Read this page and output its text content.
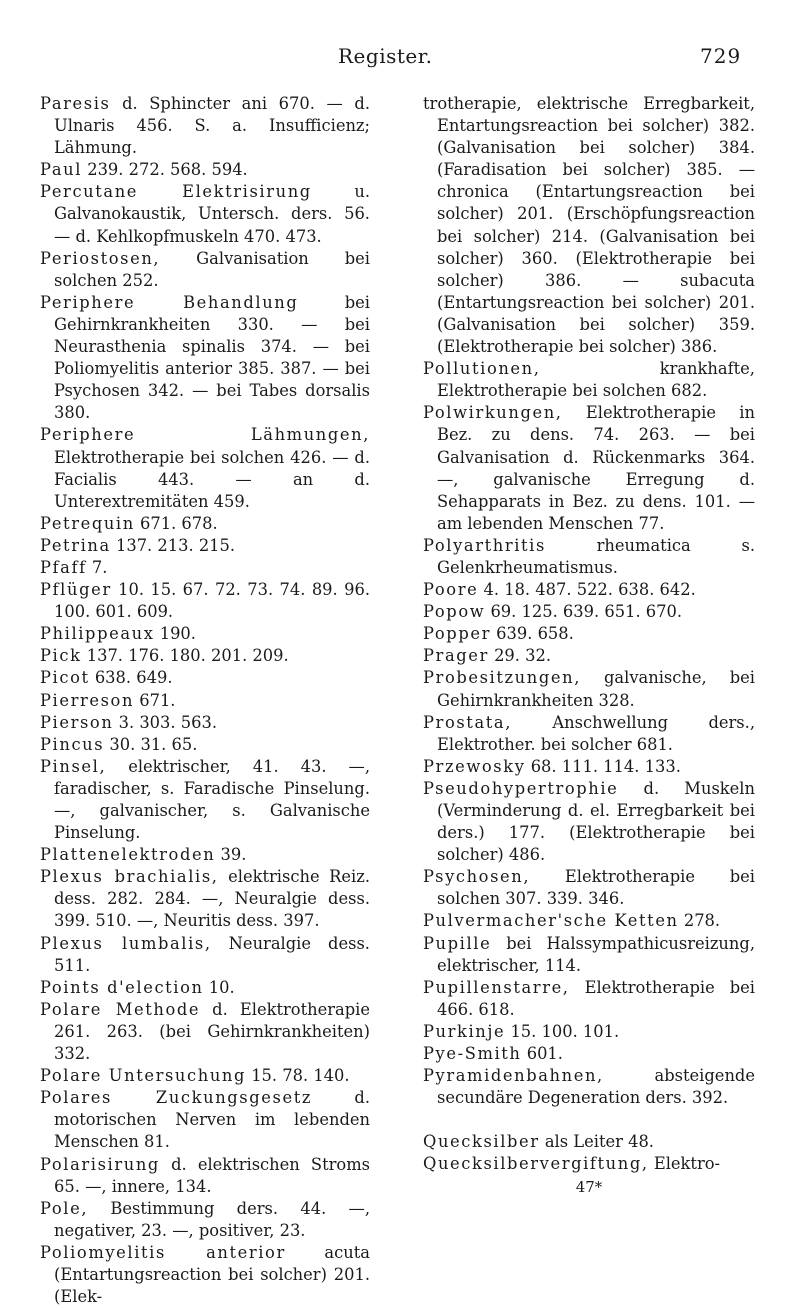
Register.	729
Paresis d. Sphincter ani 670. — d. Ulnaris 456. S. a. Insufficienz; Lähmung.
Paul 239. 272. 568. 594.
Percutane Elektrisirung u. Galvanokaustik, Untersch. ders. 56. — d. Kehlkopfmuskeln 470. 473.
Periostosen, Galvanisation bei solchen 252.
Periphere Behandlung bei Gehirnkrankheiten 330. — bei Neurasthenia spinalis 374. — bei Poliomyelitis anterior 385. 387. — bei Psychosen 342. — bei Tabes dorsalis 380.
Periphere Lähmungen, Elektrotherapie bei solchen 426. — d. Facialis 443. — an d. Unterextremitäten 459.
Petrequin 671. 678.
Petrina 137. 213. 215.
Pfaff 7.
Pflüger 10. 15. 67. 72. 73. 74. 89. 96. 100. 601. 609.
Philippeaux 190.
Pick 137. 176. 180. 201. 209.
Picot 638. 649.
Pierreson 671.
Pierson 3. 303. 563.
Pincus 30. 31. 65.
Pinsel, elektrischer, 41. 43. —, faradischer, s. Faradische Pinselung. —, galvanischer, s. Galvanische Pinselung.
Plattenelektroden 39.
Plexus brachialis, elektrische Reiz. dess. 282. 284. —, Neuralgie dess. 399. 510. —, Neuritis dess. 397.
Plexus lumbalis, Neuralgie dess. 511.
Points d'election 10.
Polare Methode d. Elektrotherapie 261. 263. (bei Gehirnkrankheiten) 332.
Polare Untersuchung 15. 78. 140.
Polares Zuckungsgesetz d. motorischen Nerven im lebenden Menschen 81.
Polarisirung d. elektrischen Stroms 65. —, innere, 134.
Pole, Bestimmung ders. 44. —, negativer, 23. —, positiver, 23.
Poliomyelitis anterior acuta (Entartungsreaction bei solcher) 201. (Elek-
trotherapie, elektrische Erregbarkeit, Entartungsreaction bei solcher) 382. (Galvanisation bei solcher) 384. (Faradisation bei solcher) 385. — chronica (Entartungsreaction bei solcher) 201. (Erschöpfungsreaction bei solcher) 214. (Galvanisation bei solcher) 360. (Elektrotherapie bei solcher) 386. — subacuta (Entartungsreaction bei solcher) 201. (Galvanisation bei solcher) 359. (Elektrotherapie bei solcher) 386.
Pollutionen, krankhafte, Elektrotherapie bei solchen 682.
Polwirkungen, Elektrotherapie in Bez. zu dens. 74. 263. — bei Galvanisation d. Rückenmarks 364. —, galvanische Erregung d. Sehapparats in Bez. zu dens. 101. — am lebenden Menschen 77.
Polyarthritis rheumatica s. Gelenkrheumatismus.
Poore 4. 18. 487. 522. 638. 642.
Popow 69. 125. 639. 651. 670.
Popper 639. 658.
Prager 29. 32.
Probesitzungen, galvanische, bei Gehirnkrankheiten 328.
Prostata, Anschwellung ders., Elektrother. bei solcher 681.
Przewosky 68. 111. 114. 133.
Pseudohypertrophie d. Muskeln (Verminderung d. el. Erregbarkeit bei ders.) 177. (Elektrotherapie bei solcher) 486.
Psychosen, Elektrotherapie bei solchen 307. 339. 346.
Pulvermacher'sche Ketten 278.
Pupille bei Halssympathicusreizung, elektrischer, 114.
Pupillenstarre, Elektrotherapie bei 466. 618.
Purkinje 15. 100. 101.
Pye-Smith 601.
Pyramidenbahnen, absteigende secundäre Degeneration ders. 392.
Quecksilber als Leiter 48.
Quecksilbervergiftung, Elektro-
47*
